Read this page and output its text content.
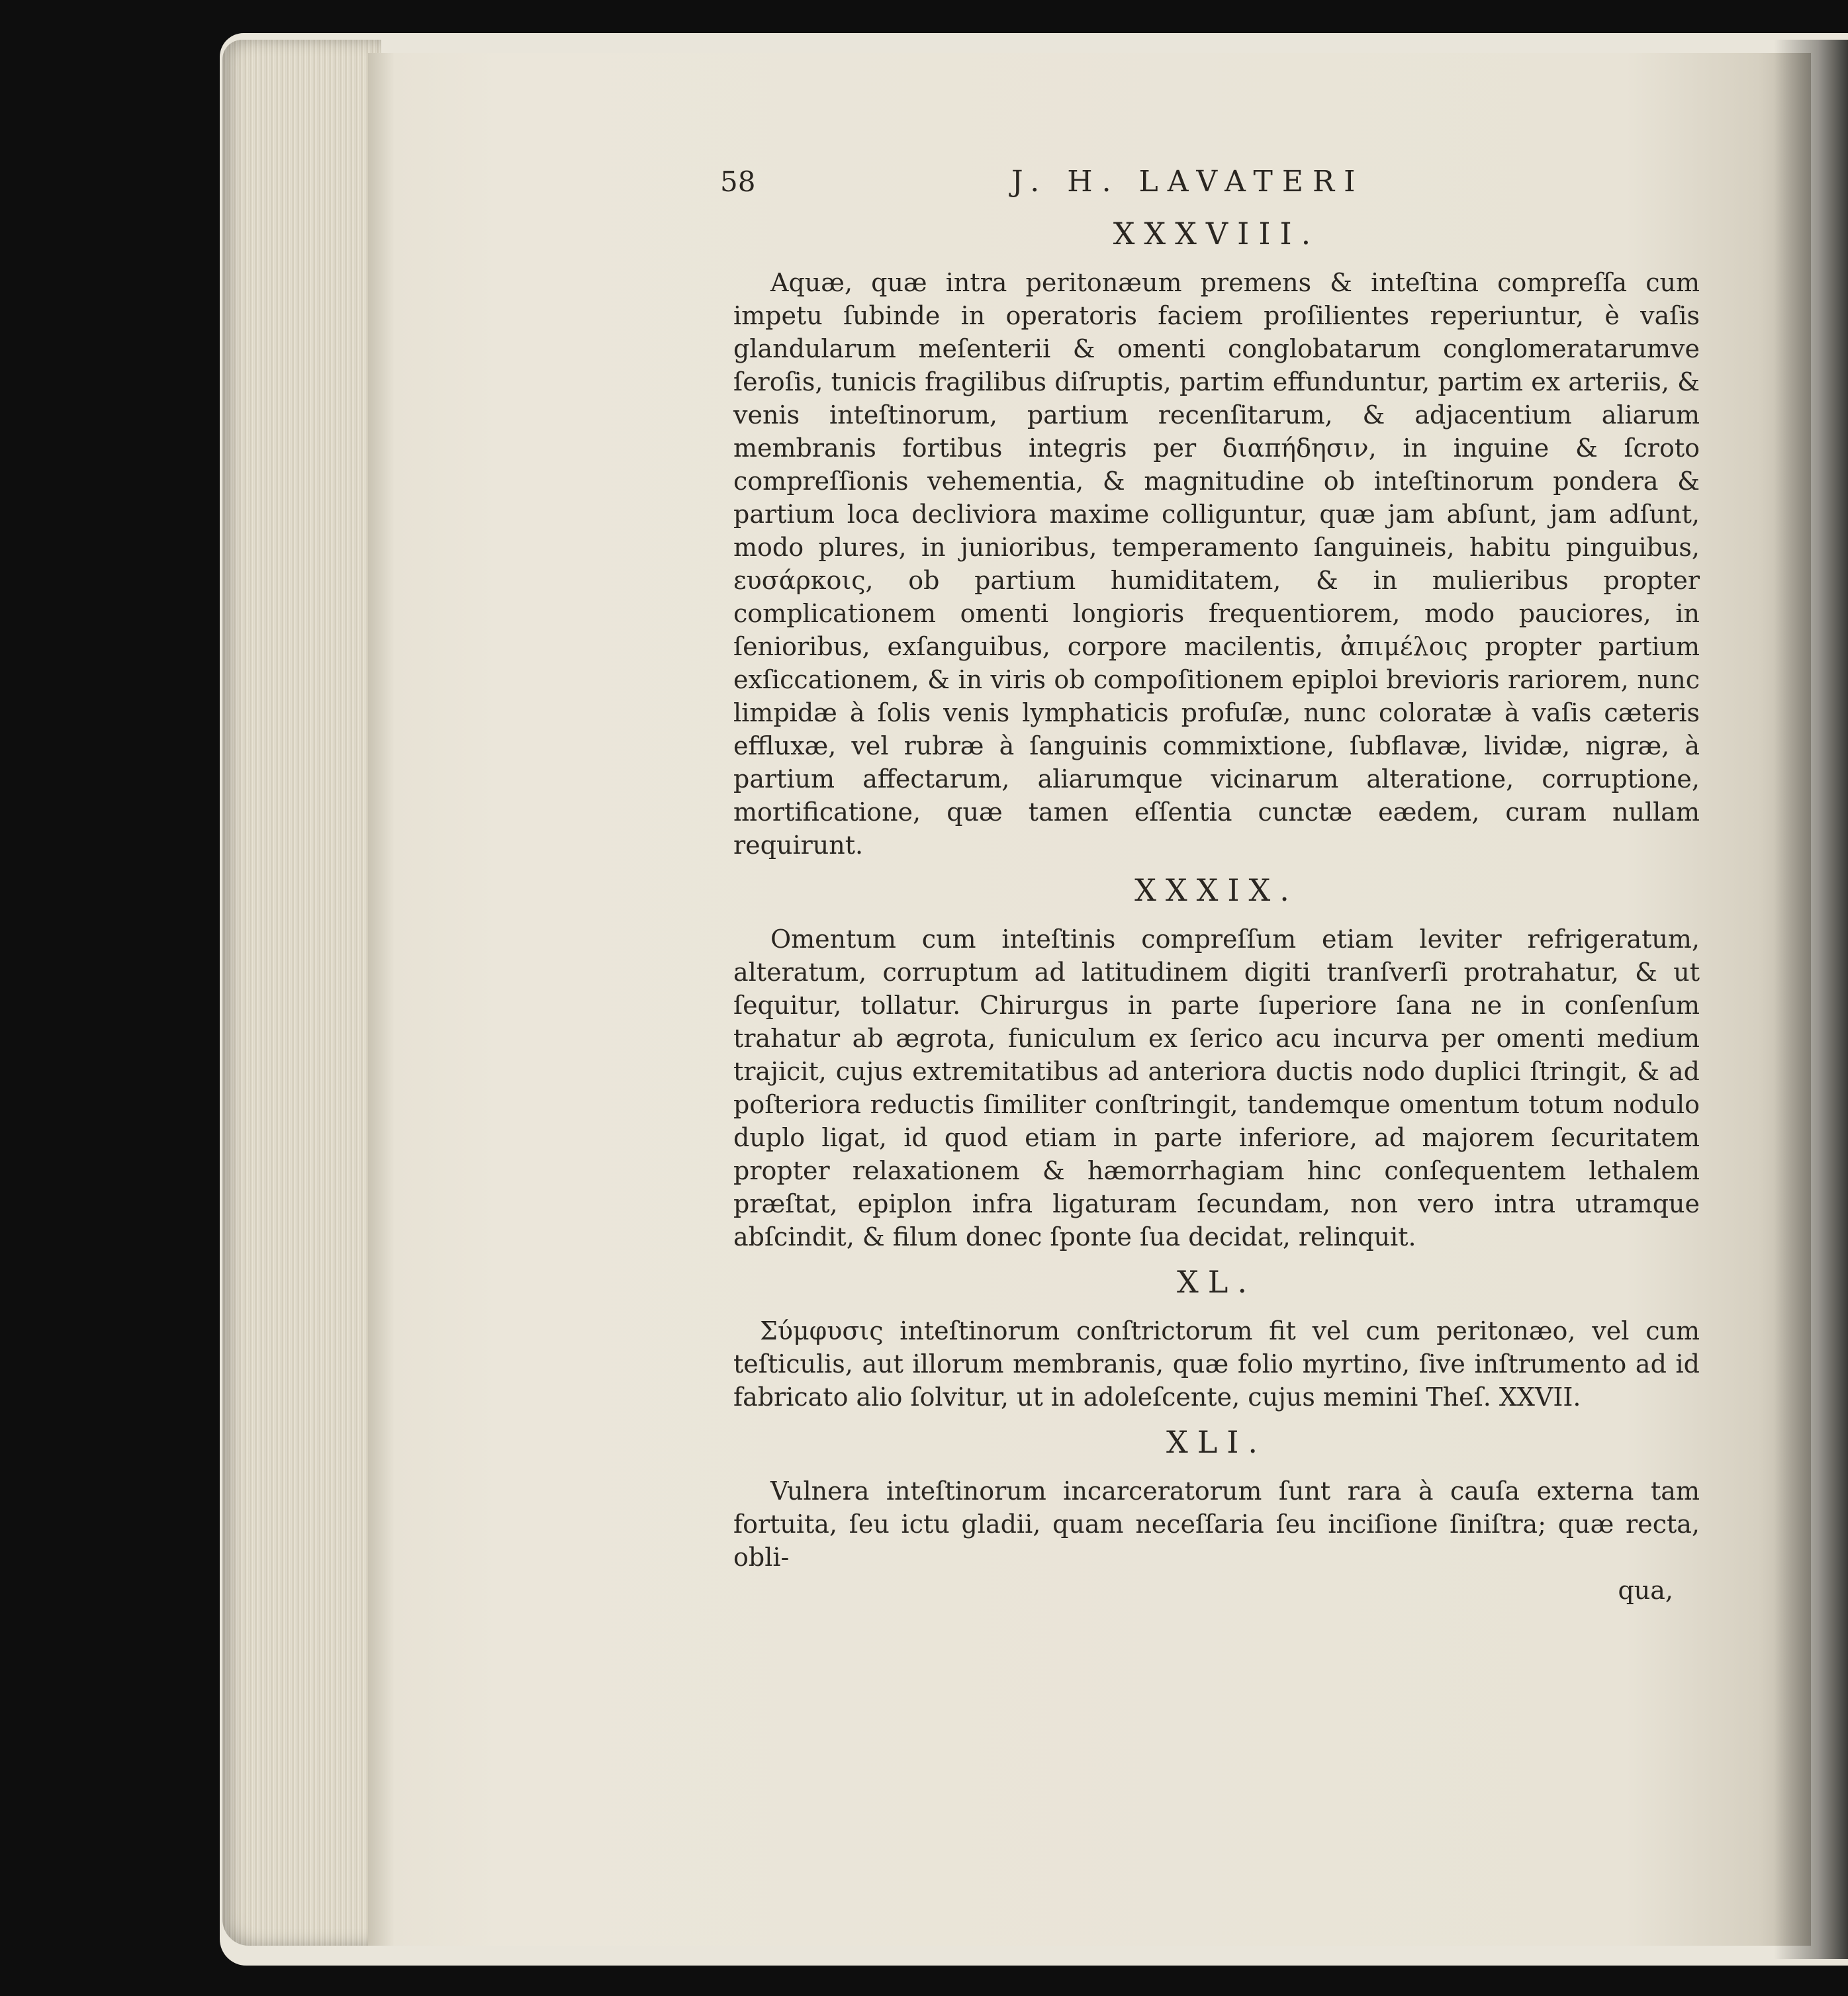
58	J. H. LAVATERI
XXXVIII.

Aquæ, quæ intra peritonæum premens & inteſtina compreſſa cum impetu ſubinde in operatoris faciem proſilientes reperiuntur, è vaſis glandularum meſenterii & omenti conglobatarum conglomeratarumve ſeroſis, tunicis fragilibus diſruptis, partim effunduntur, partim ex arteriis, & venis inteſtinorum, partium recenſitarum, & adjacentium aliarum membranis fortibus integris per διαπήδησιν, in inguine & ſcroto compreſſionis vehementia, & magnitudine ob inteſtinorum pondera & partium loca decliviora maxime colliguntur, quæ jam abſunt, jam adſunt, modo plures, in junioribus, temperamento ſanguineis, habitu pinguibus, ευσάρκοις, ob partium humiditatem, & in mulieribus propter complicationem omenti longioris frequentiorem, modo pauciores, in ſenioribus, exſanguibus, corpore macilentis, ἀπιμέλοις propter partium exſiccationem, & in viris ob compoſitionem epiploi brevioris rariorem, nunc limpidæ à ſolis venis lymphaticis profuſæ, nunc coloratæ à vaſis cæteris effluxæ, vel rubræ à ſanguinis commixtione, ſubflavæ, lividæ, nigræ, à partium affectarum, aliarumque vicinarum alteratione, corruptione, mortificatione, quæ tamen eſſentia cunctæ eædem, curam nullam requirunt.

XXXIX.

Omentum cum inteſtinis compreſſum etiam leviter refrigeratum, alteratum, corruptum ad latitudinem digiti tranſverſi protrahatur, & ut ſequitur, tollatur. Chirurgus in parte ſuperiore ſana ne in conſenſum trahatur ab ægrota, funiculum ex ſerico acu incurva per omenti medium trajicit, cujus extremitatibus ad anteriora ductis nodo duplici ſtringit, & ad poſteriora reductis ſimiliter conſtringit, tandemque omentum totum nodulo duplo ligat, id quod etiam in parte inferiore, ad majorem ſecuritatem propter relaxationem & hæmorrhagiam hinc conſequentem lethalem præſtat, epiplon infra ligaturam ſecundam, non vero intra utramque abſcindit, & filum donec ſponte ſua decidat, relinquit.

XL.

Σύμφυσις inteſtinorum conſtrictorum fit vel cum peritonæo, vel cum teſticulis, aut illorum membranis, quæ folio myrtino, ſive inſtrumento ad id fabricato alio ſolvitur, ut in adoleſcente, cujus memini Theſ. XXVII.

XLI.

Vulnera inteſtinorum incarceratorum ſunt rara à cauſa externa tam fortuita, ſeu ictu gladii, quam neceſſaria ſeu inciſione ſiniſtra; quæ recta, obli-

qua,
